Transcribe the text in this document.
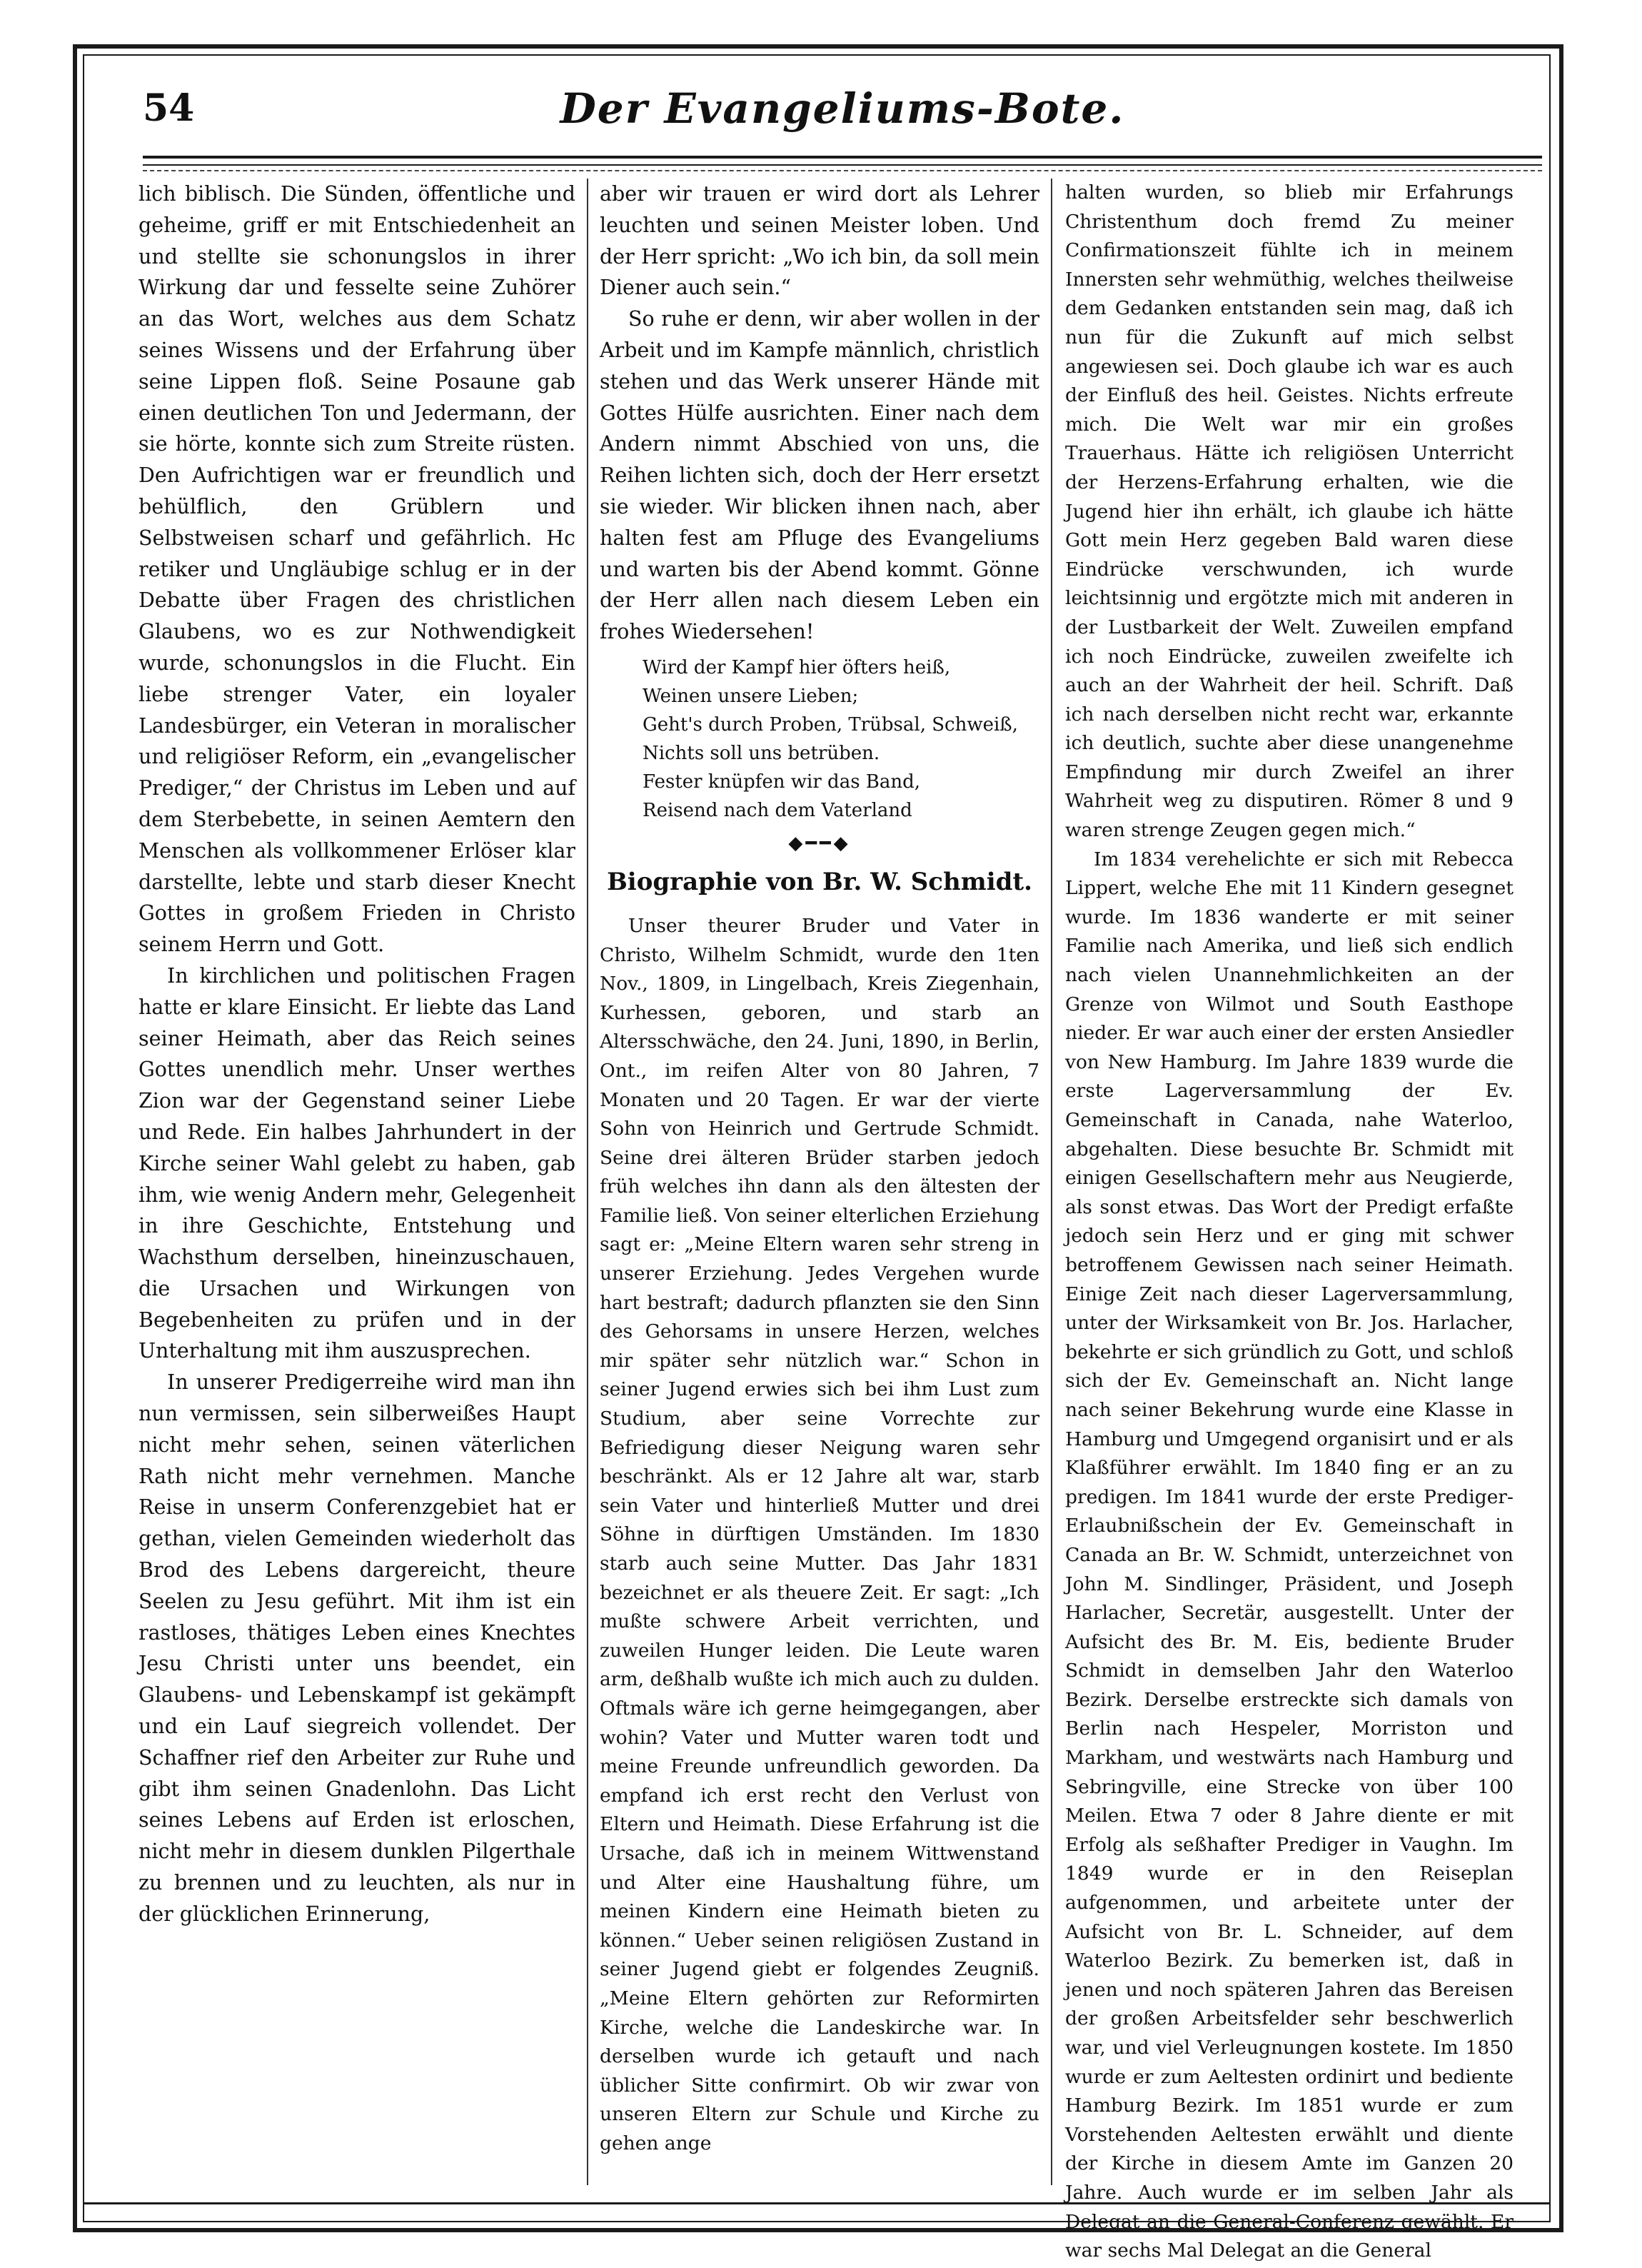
54	Der Evangeliums-Bote.

lich biblisch. Die Sünden, öffentliche und geheime, griff er mit Entschiedenheit an und stellte sie schonungslos in ihrer Wirkung dar und fesselte seine Zuhörer an das Wort, welches aus dem Schatz seines Wissens und der Erfahrung über seine Lippen floß. Seine Posaune gab einen deutlichen Ton und Jedermann, der sie hörte, konnte sich zum Streite rüsten. Den Aufrichtigen war er freundlich und behülflich, den Grüblern und Selbstweisen scharf und gefährlich. Hc retiker und Ungläubige schlug er in der Debatte über Fragen des christlichen Glaubens, wo es zur Nothwendigkeit wurde, schonungslos in die Flucht. Ein liebe strenger Vater, ein loyaler Landesbürger, ein Veteran in moralischer und religiöser Reform, ein „evangelischer Prediger,“ der Christus im Leben und auf dem Sterbebette, in seinen Aemtern den Menschen als vollkommener Erlöser klar darstellte, lebte und starb dieser Knecht Gottes in großem Frieden in Christo seinem Herrn und Gott.

In kirchlichen und politischen Fragen hatte er klare Einsicht. Er liebte das Land seiner Heimath, aber das Reich seines Gottes unendlich mehr. Unser werthes Zion war der Gegenstand seiner Liebe und Rede. Ein halbes Jahrhundert in der Kirche seiner Wahl gelebt zu haben, gab ihm, wie wenig Andern mehr, Gelegenheit in ihre Geschichte, Entstehung und Wachsthum derselben, hineinzuschauen, die Ursachen und Wirkungen von Begebenheiten zu prüfen und in der Unterhaltung mit ihm auszusprechen.

In unserer Predigerreihe wird man ihn nun vermissen, sein silberweißes Haupt nicht mehr sehen, seinen väterlichen Rath nicht mehr vernehmen. Manche Reise in unserm Conferenzgebiet hat er gethan, vielen Gemeinden wiederholt das Brod des Lebens dargereicht, theure Seelen zu Jesu geführt. Mit ihm ist ein rastloses, thätiges Leben eines Knechtes Jesu Christi unter uns beendet, ein Glaubens- und Lebenskampf ist gekämpft und ein Lauf siegreich vollendet. Der Schaffner rief den Arbeiter zur Ruhe und gibt ihm seinen Gnadenlohn. Das Licht seines Lebens auf Erden ist erloschen, nicht mehr in diesem dunklen Pilgerthale zu brennen und zu leuchten, als nur in der glücklichen Erinnerung,

aber wir trauen er wird dort als Lehrer leuchten und seinen Meister loben. Und der Herr spricht: „Wo ich bin, da soll mein Diener auch sein.“

So ruhe er denn, wir aber wollen in der Arbeit und im Kampfe männlich, christlich stehen und das Werk unserer Hände mit Gottes Hülfe ausrichten. Einer nach dem Andern nimmt Abschied von uns, die Reihen lichten sich, doch der Herr ersetzt sie wieder. Wir blicken ihnen nach, aber halten fest am Pfluge des Evangeliums und warten bis der Abend kommt. Gönne der Herr allen nach diesem Leben ein frohes Wiedersehen!

Wird der Kampf hier öfters heiß,
Weinen unsere Lieben;
Geht's durch Proben, Trübsal, Schweiß,
Nichts soll uns betrüben.
Fester knüpfen wir das Band,
Reisend nach dem Vaterland
◆━━◆
Biographie von Br. W. Schmidt.

Unser theurer Bruder und Vater in Christo, Wilhelm Schmidt, wurde den 1ten Nov., 1809, in Lingelbach, Kreis Ziegenhain, Kurhessen, geboren, und starb an Altersschwäche, den 24. Juni, 1890, in Berlin, Ont., im reifen Alter von 80 Jahren, 7 Monaten und 20 Tagen. Er war der vierte Sohn von Heinrich und Gertrude Schmidt. Seine drei älteren Brüder starben jedoch früh welches ihn dann als den ältesten der Familie ließ. Von seiner elterlichen Erziehung sagt er: „Meine Eltern waren sehr streng in unserer Erziehung. Jedes Vergehen wurde hart bestraft; dadurch pflanzten sie den Sinn des Gehorsams in unsere Herzen, welches mir später sehr nützlich war.“ Schon in seiner Jugend erwies sich bei ihm Lust zum Studium, aber seine Vorrechte zur Befriedigung dieser Neigung waren sehr beschränkt. Als er 12 Jahre alt war, starb sein Vater und hinterließ Mutter und drei Söhne in dürftigen Umständen. Im 1830 starb auch seine Mutter. Das Jahr 1831 bezeichnet er als theuere Zeit. Er sagt: „Ich mußte schwere Arbeit verrichten, und zuweilen Hunger leiden. Die Leute waren arm, deßhalb wußte ich mich auch zu dulden. Oftmals wäre ich gerne heimgegangen, aber wohin? Vater und Mutter waren todt und meine Freunde unfreundlich geworden. Da empfand ich erst recht den Verlust von Eltern und Heimath. Diese Erfahrung ist die Ursache, daß ich in meinem Wittwenstand und Alter eine Haushaltung führe, um meinen Kindern eine Heimath bieten zu können.“ Ueber seinen religiösen Zustand in seiner Jugend giebt er folgendes Zeugniß. „Meine Eltern gehörten zur Reformirten Kirche, welche die Landeskirche war. In derselben wurde ich getauft und nach üblicher Sitte confirmirt. Ob wir zwar von unseren Eltern zur Schule und Kirche zu gehen ange

halten wurden, so blieb mir Erfahrungs Christenthum doch fremd Zu meiner Confirmationszeit fühlte ich in meinem Innersten sehr wehmüthig, welches theilweise dem Gedanken entstanden sein mag, daß ich nun für die Zukunft auf mich selbst angewiesen sei. Doch glaube ich war es auch der Einfluß des heil. Geistes. Nichts erfreute mich. Die Welt war mir ein großes Trauerhaus. Hätte ich religiösen Unterricht der Herzens-Erfahrung erhalten, wie die Jugend hier ihn erhält, ich glaube ich hätte Gott mein Herz gegeben Bald waren diese Eindrücke verschwunden, ich wurde leichtsinnig und ergötzte mich mit anderen in der Lustbarkeit der Welt. Zuweilen empfand ich noch Eindrücke, zuweilen zweifelte ich auch an der Wahrheit der heil. Schrift. Daß ich nach derselben nicht recht war, erkannte ich deutlich, suchte aber diese unangenehme Empfindung mir durch Zweifel an ihrer Wahrheit weg zu disputiren. Römer 8 und 9 waren strenge Zeugen gegen mich.“

Im 1834 verehelichte er sich mit Rebecca Lippert, welche Ehe mit 11 Kindern gesegnet wurde. Im 1836 wanderte er mit seiner Familie nach Amerika, und ließ sich endlich nach vielen Unannehmlichkeiten an der Grenze von Wilmot und South Easthope nieder. Er war auch einer der ersten Ansiedler von New Hamburg. Im Jahre 1839 wurde die erste Lagerversammlung der Ev. Gemeinschaft in Canada, nahe Waterloo, abgehalten. Diese besuchte Br. Schmidt mit einigen Gesellschaftern mehr aus Neugierde, als sonst etwas. Das Wort der Predigt erfaßte jedoch sein Herz und er ging mit schwer betroffenem Gewissen nach seiner Heimath. Einige Zeit nach dieser Lagerversammlung, unter der Wirksamkeit von Br. Jos. Harlacher, bekehrte er sich gründlich zu Gott, und schloß sich der Ev. Gemeinschaft an. Nicht lange nach seiner Bekehrung wurde eine Klasse in Hamburg und Umgegend organisirt und er als Klaßführer erwählt. Im 1840 fing er an zu predigen. Im 1841 wurde der erste Prediger-Erlaubnißschein der Ev. Gemeinschaft in Canada an Br. W. Schmidt, unterzeichnet von John M. Sindlinger, Präsident, und Joseph Harlacher, Secretär, ausgestellt. Unter der Aufsicht des Br. M. Eis, bediente Bruder Schmidt in demselben Jahr den Waterloo Bezirk. Derselbe erstreckte sich damals von Berlin nach Hespeler, Morriston und Markham, und westwärts nach Hamburg und Sebringville, eine Strecke von über 100 Meilen. Etwa 7 oder 8 Jahre diente er mit Erfolg als seßhafter Prediger in Vaughn. Im 1849 wurde er in den Reiseplan aufgenommen, und arbeitete unter der Aufsicht von Br. L. Schneider, auf dem Waterloo Bezirk. Zu bemerken ist, daß in jenen und noch späteren Jahren das Bereisen der großen Arbeitsfelder sehr beschwerlich war, und viel Verleugnungen kostete. Im 1850 wurde er zum Aeltesten ordinirt und bediente Hamburg Bezirk. Im 1851 wurde er zum Vorstehenden Aeltesten erwählt und diente der Kirche in diesem Amte im Ganzen 20 Jahre. Auch wurde er im selben Jahr als Delegat an die General-Conferenz gewählt. Er war sechs Mal Delegat an die General
